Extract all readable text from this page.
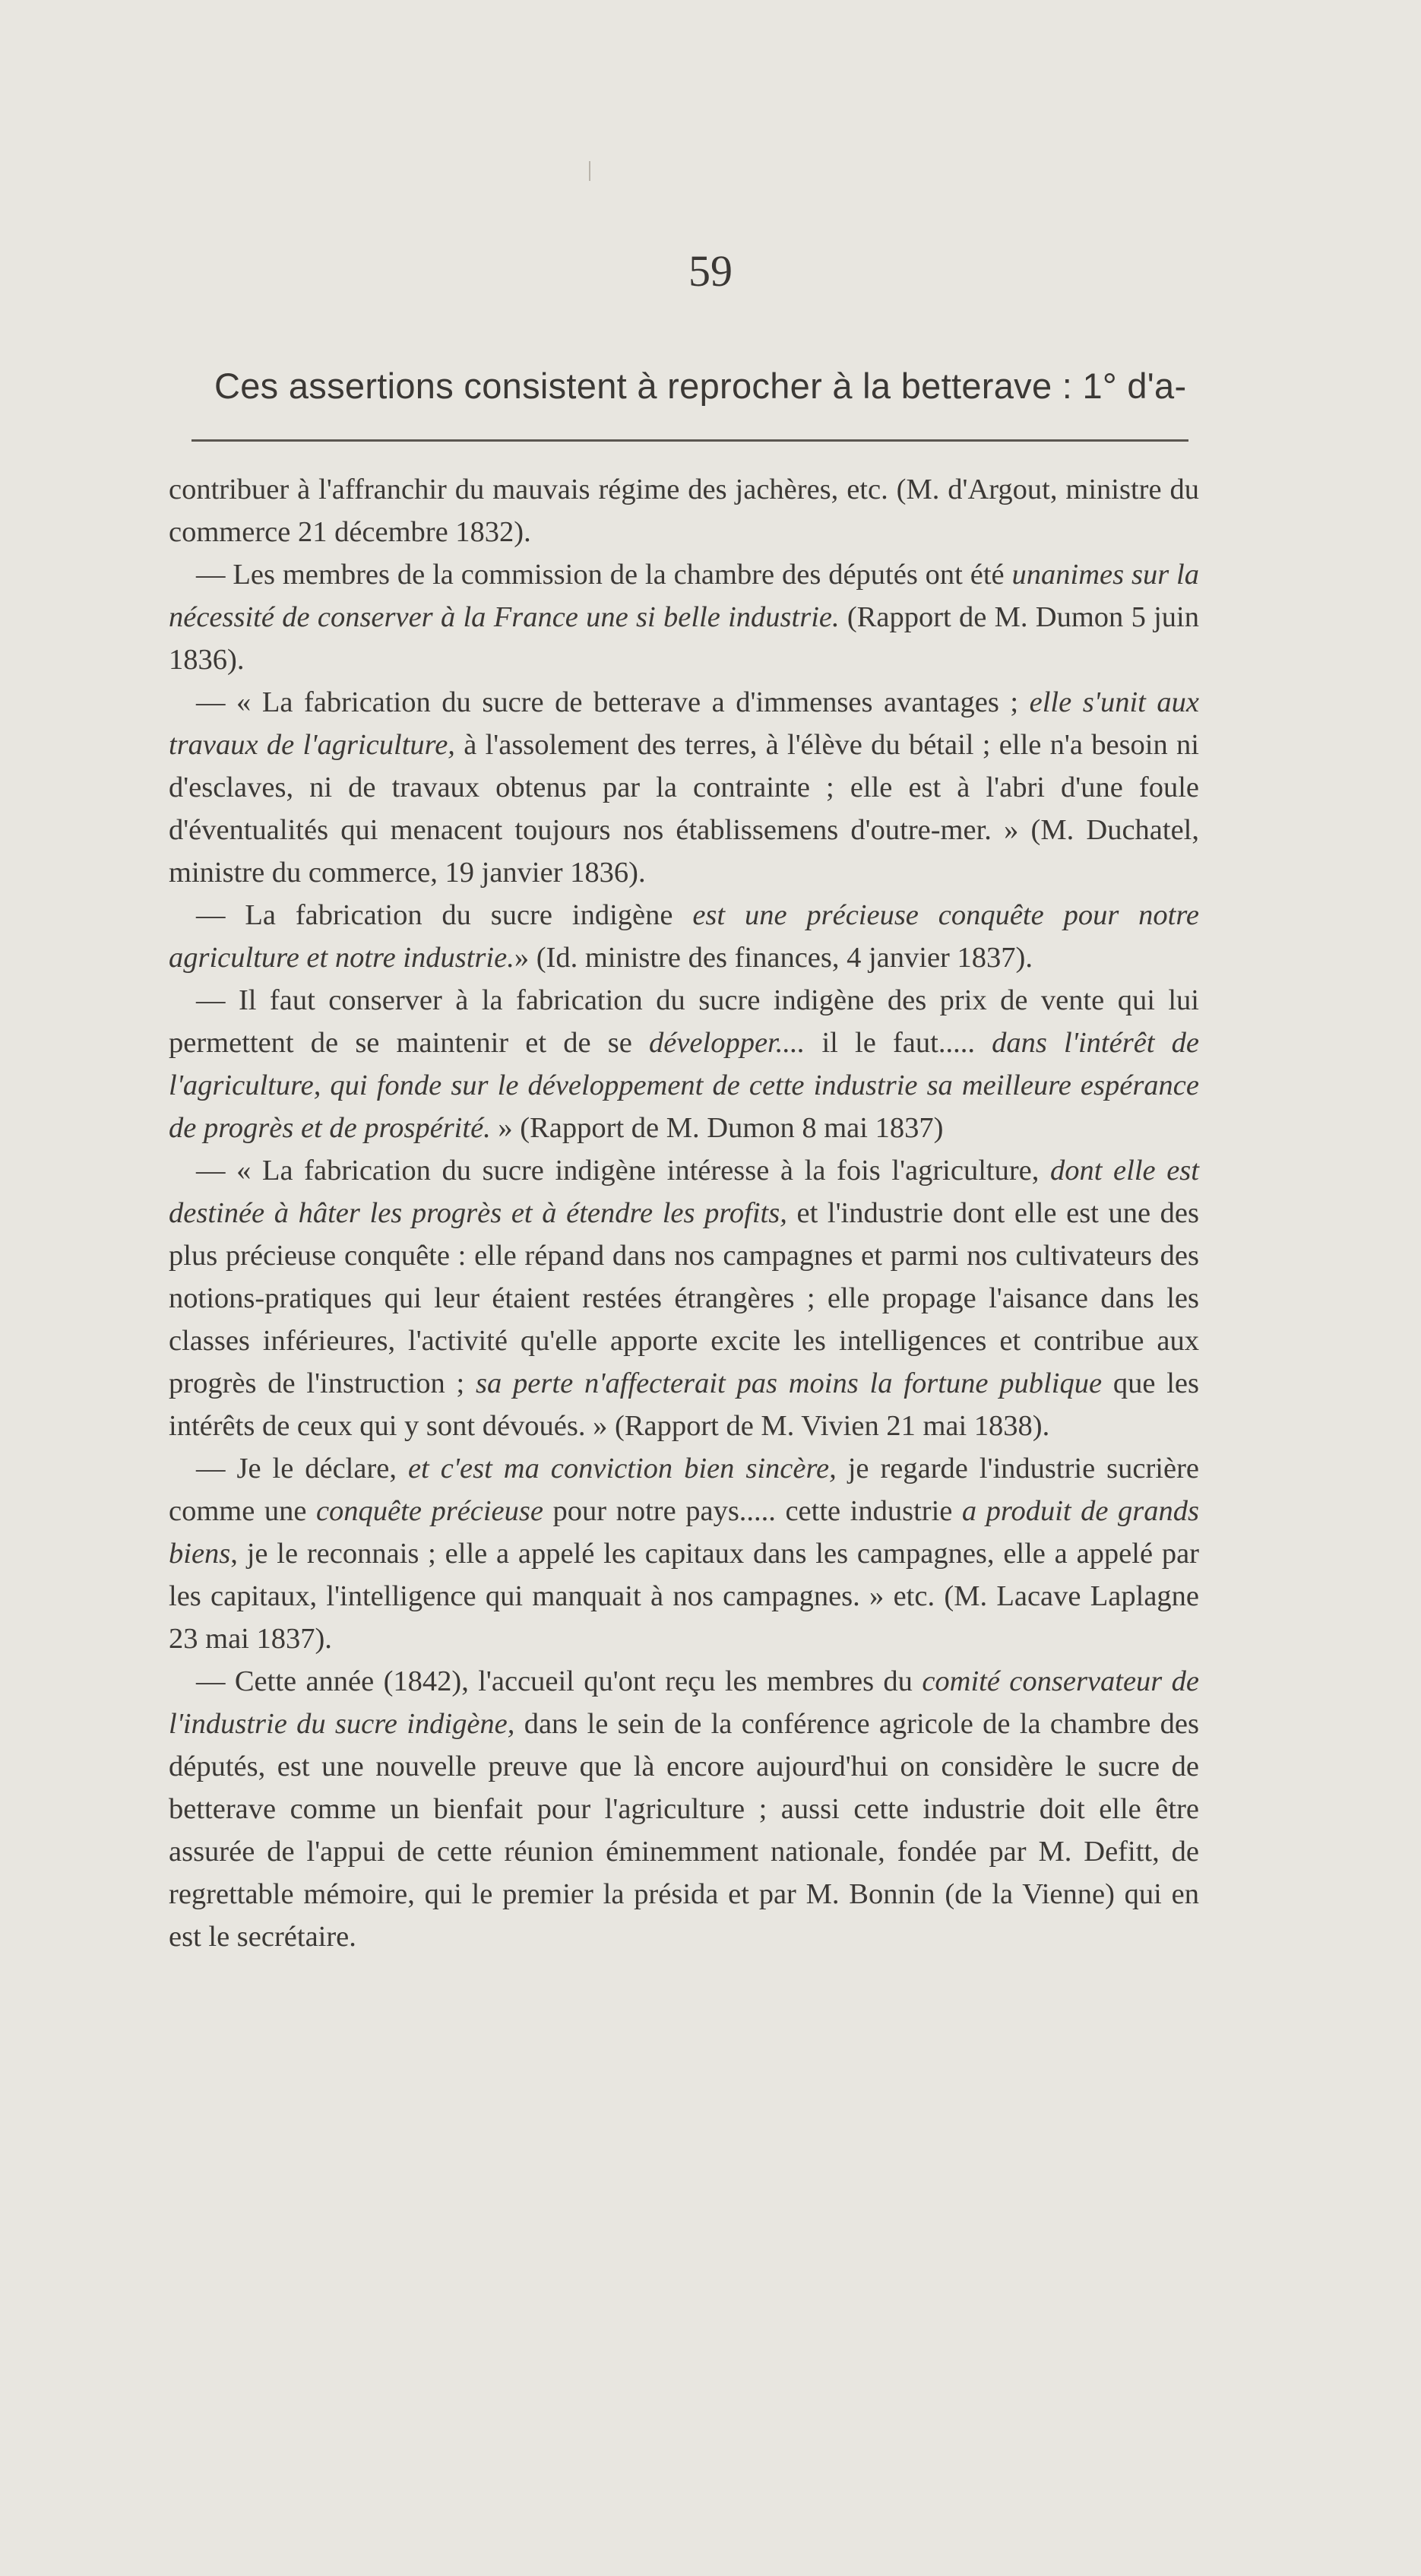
59
Ces assertions consistent à reprocher à la betterave : 1° d'a-

contribuer à l'affranchir du mauvais régime des jachères, etc. (M. d'Argout, ministre du commerce 21 décembre 1832).

— Les membres de la commission de la chambre des députés ont été unanimes sur la nécessité de conserver à la France une si belle industrie. (Rapport de M. Dumon 5 juin 1836).

— « La fabrication du sucre de betterave a d'immenses avantages ; elle s'unit aux travaux de l'agriculture, à l'assolement des terres, à l'élève du bétail ; elle n'a besoin ni d'esclaves, ni de travaux obtenus par la contrainte ; elle est à l'abri d'une foule d'éventualités qui menacent toujours nos établissemens d'outre-mer. » (M. Duchatel, ministre du commerce, 19 janvier 1836).

— La fabrication du sucre indigène est une précieuse conquête pour notre agriculture et notre industrie.» (Id. ministre des finances, 4 janvier 1837).

— Il faut conserver à la fabrication du sucre indigène des prix de vente qui lui permettent de se maintenir et de se développer.... il le faut..... dans l'intérêt de l'agriculture, qui fonde sur le développement de cette industrie sa meilleure espérance de progrès et de prospérité. » (Rapport de M. Dumon 8 mai 1837)

— « La fabrication du sucre indigène intéresse à la fois l'agriculture, dont elle est destinée à hâter les progrès et à étendre les profits, et l'industrie dont elle est une des plus précieuse conquête : elle répand dans nos campagnes et parmi nos cultivateurs des notions-pratiques qui leur étaient restées étrangères ; elle propage l'aisance dans les classes inférieures, l'activité qu'elle apporte excite les intelligences et contribue aux progrès de l'instruction ; sa perte n'affecterait pas moins la fortune publique que les intérêts de ceux qui y sont dévoués. » (Rapport de M. Vivien 21 mai 1838).

— Je le déclare, et c'est ma conviction bien sincère, je regarde l'industrie sucrière comme une conquête précieuse pour notre pays..... cette industrie a produit de grands biens, je le reconnais ; elle a appelé les capitaux dans les campagnes, elle a appelé par les capitaux, l'intelligence qui manquait à nos campagnes. » etc. (M. Lacave Laplagne 23 mai 1837).

— Cette année (1842), l'accueil qu'ont reçu les membres du comité conservateur de l'industrie du sucre indigène, dans le sein de la conférence agricole de la chambre des députés, est une nouvelle preuve que là encore aujourd'hui on considère le sucre de betterave comme un bienfait pour l'agriculture ; aussi cette industrie doit elle être assurée de l'appui de cette réunion éminemment nationale, fondée par M. Defitt, de regrettable mémoire, qui le premier la présida et par M. Bonnin (de la Vienne) qui en est le secrétaire.
